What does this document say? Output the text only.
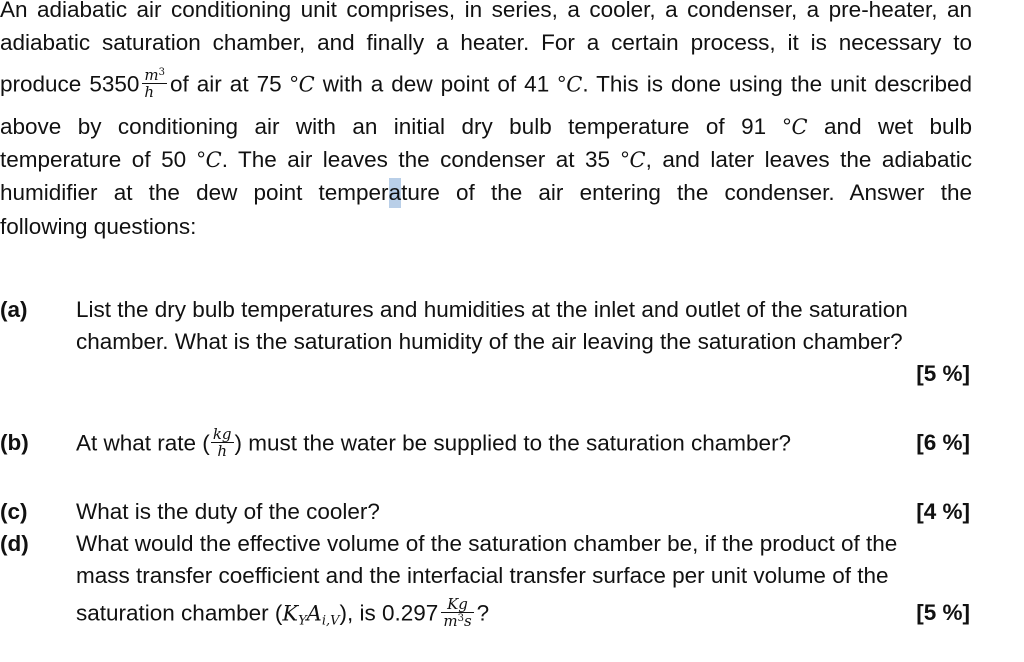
An adiabatic air conditioning unit comprises, in series, a cooler, a condenser, a pre-heater, an
adiabatic saturation chamber, and finally a heater. For a certain process, it is necessary to
produce $5350 \frac{m^3}{h}$ of air at 75 °C with a dew point of 41 °C. This is done using the unit described
above by conditioning air with an initial dry bulb temperature of 91 °C and wet bulb
temperature of 50 °C. The air leaves the condenser at 35 °C, and later leaves the adiabatic
humidifier at the dew point temperature of the air entering the condenser. Answer the
following questions:
(a) List the dry bulb temperatures and humidities at the inlet and outlet of the saturation
chamber. What is the saturation humidity of the air leaving the saturation chamber?
[5 %]
(b) At what rate ( $\frac{kg}{h}$ ) must the water be supplied to the saturation chamber?	[6 %]
(c) What is the duty of the cooler?	[4 %]
(d) What would the effective volume of the saturation chamber be, if the product of the
mass transfer coefficient and the interfacial transfer surface per unit volume of the
saturation chamber $(K_YA_{i,V})$, is $0.297 \frac{Kg}{m^3s}$ ?	[5 %]
